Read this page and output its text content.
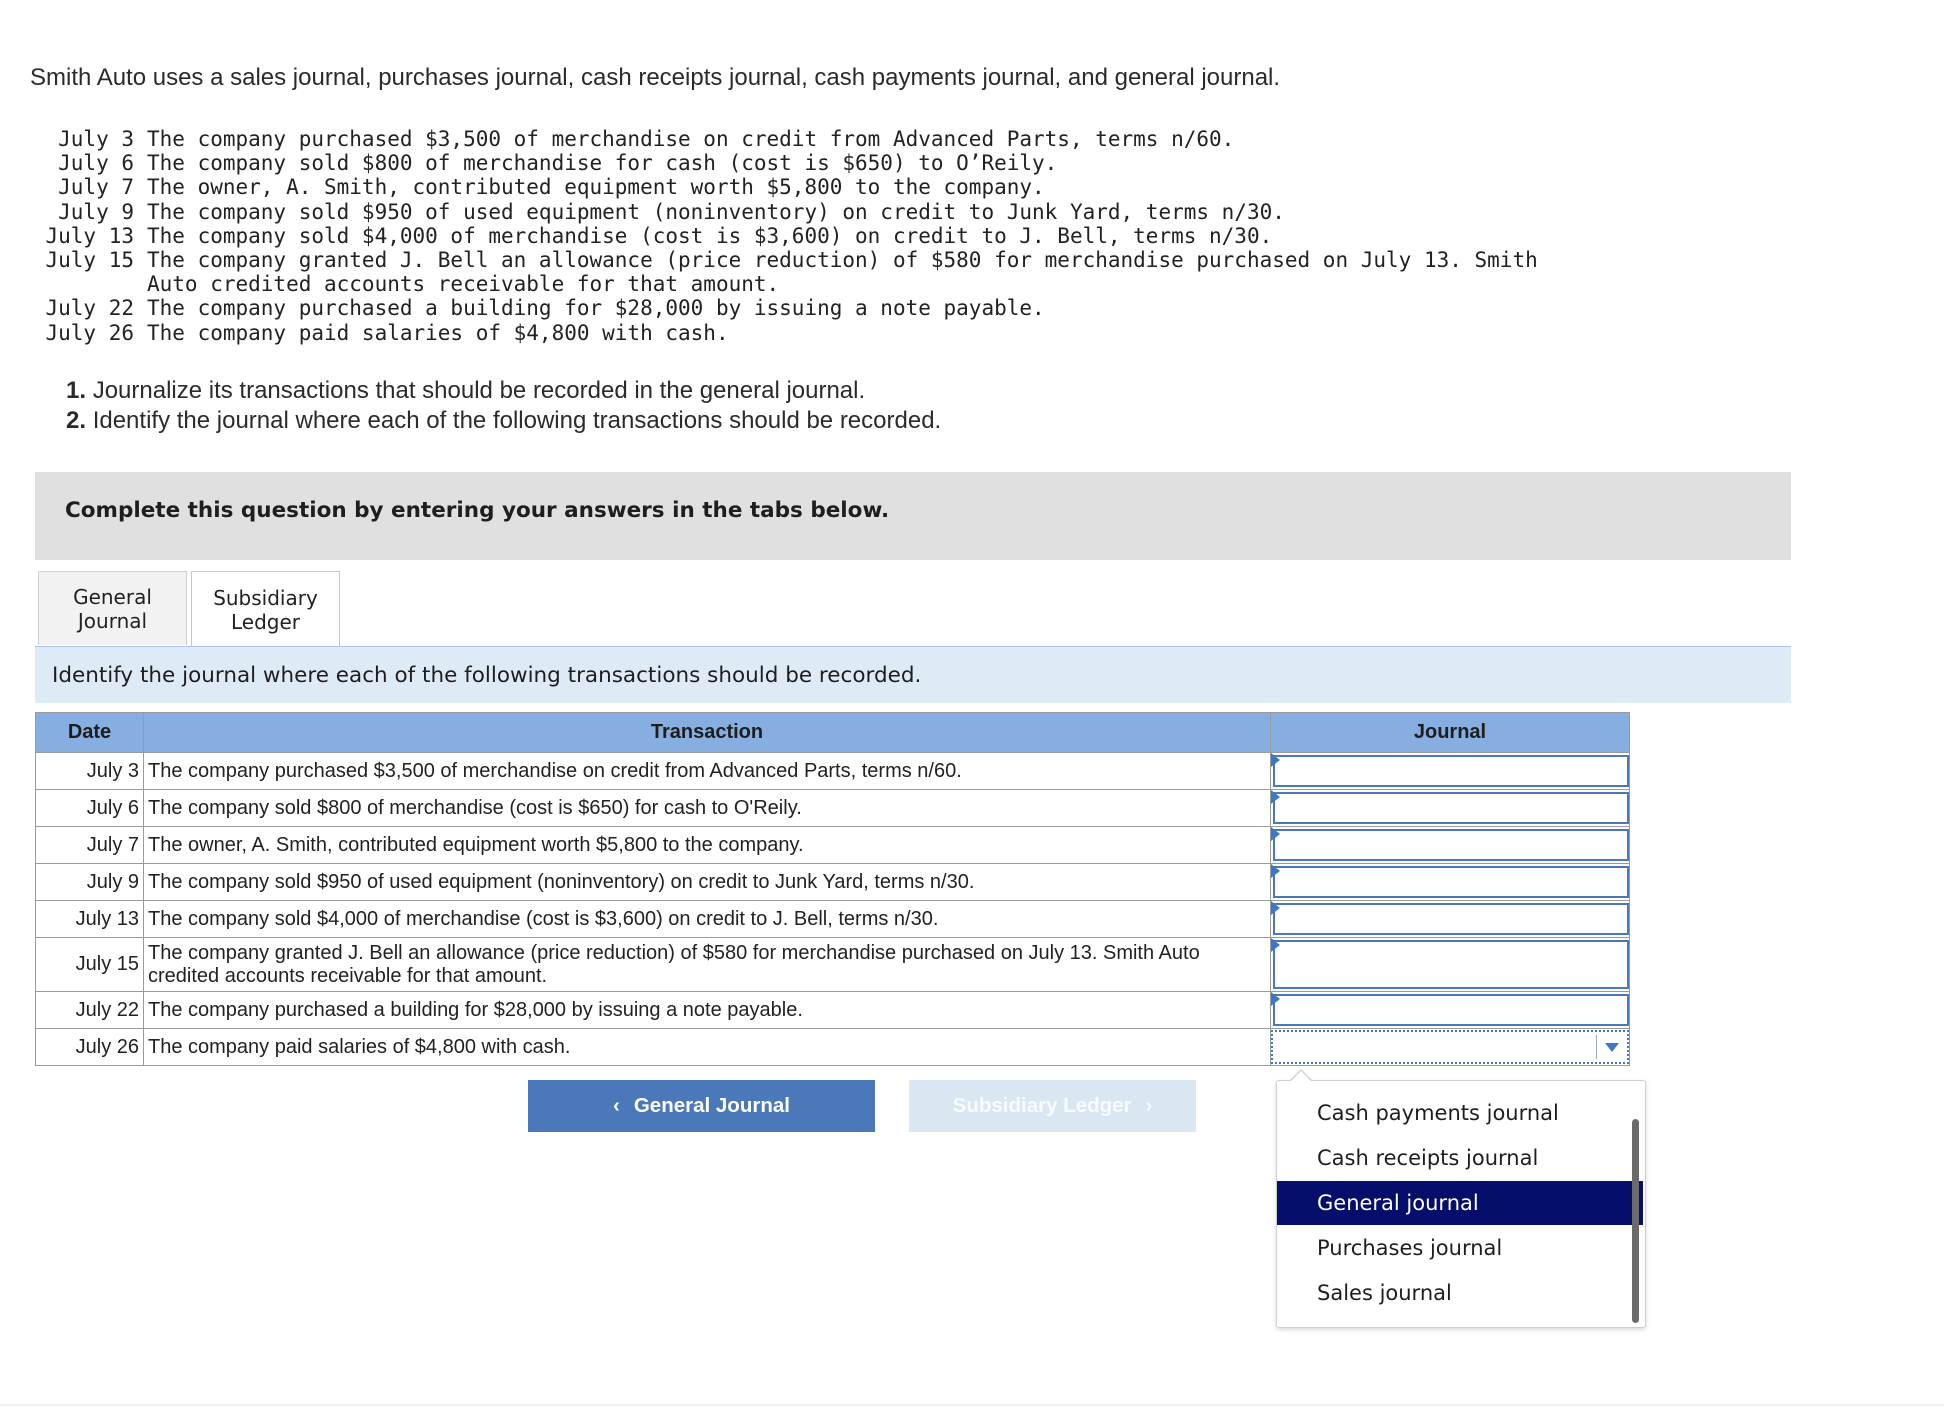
Smith Auto uses a sales journal, purchases journal, cash receipts journal, cash payments journal, and general journal.
July 3 The company purchased $3,500 of merchandise on credit from Advanced Parts, terms n/60.
July 6 The company sold $800 of merchandise for cash (cost is $650) to O’Reily.
July 7 The owner, A. Smith, contributed equipment worth $5,800 to the company.
July 9 The company sold $950 of used equipment (noninventory) on credit to Junk Yard, terms n/30.
July 13 The company sold $4,000 of merchandise (cost is $3,600) on credit to J. Bell, terms n/30.
July 15 The company granted J. Bell an allowance (price reduction) of $580 for merchandise purchased on July 13. Smith
Auto credited accounts receivable for that amount.
July 22 The company purchased a building for $28,000 by issuing a note payable.
July 26 The company paid salaries of $4,800 with cash.
1. Journalize its transactions that should be recorded in the general journal.
2. Identify the journal where each of the following transactions should be recorded.
Complete this question by entering your answers in the tabs below.
General
Journal
Subsidiary
Ledger
Identify the journal where each of the following transactions should be recorded.
Date	Transaction	Journal
July 3	The company purchased $3,500 of merchandise on credit from Advanced Parts, terms n/60.	

July 6	The company sold $800 of merchandise (cost is $650) for cash to O'Reily.	

July 7	The owner, A. Smith, contributed equipment worth $5,800 to the company.	

July 9	The company sold $950 of used equipment (noninventory) on credit to Junk Yard, terms n/30.	

July 13	The company sold $4,000 of merchandise (cost is $3,600) on credit to J. Bell, terms n/30.	

July 15	The company granted J. Bell an allowance (price reduction) of $580 for merchandise purchased on July 13. Smith Auto credited accounts receivable for that amount.	

July 22	The company purchased a building for $28,000 by issuing a note payable.	

July 26	The company paid salaries of $4,800 with cash.	
‹ General Journal	Subsidiary Ledger ›	Cash payments journal
Cash receipts journal
General journal
Purchases journal
Sales journal
